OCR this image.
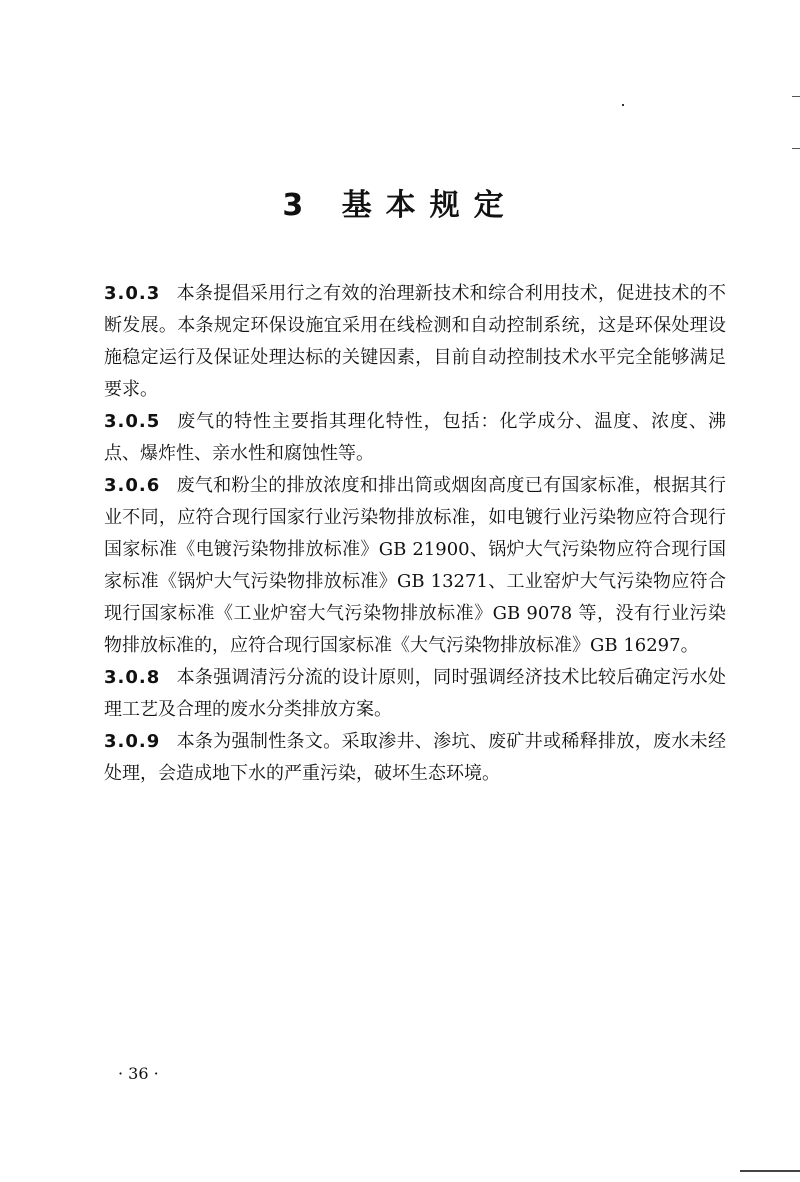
3 基本规定

3.0.3 本条提倡采用行之有效的治理新技术和综合利用技术，促进技术的不断发展。本条规定环保设施宜采用在线检测和自动控制系统，这是环保处理设施稳定运行及保证处理达标的关键因素，目前自动控制技术水平完全能够满足要求。

3.0.5 废气的特性主要指其理化特性，包括：化学成分、温度、浓度、沸点、爆炸性、亲水性和腐蚀性等。

3.0.6 废气和粉尘的排放浓度和排出筒或烟囱高度已有国家标准，根据其行业不同，应符合现行国家行业污染物排放标准，如电镀行业污染物应符合现行国家标准《电镀污染物排放标准》GB 21900、锅炉大气污染物应符合现行国家标准《锅炉大气污染物排放标准》GB 13271、工业窑炉大气污染物应符合现行国家标准《工业炉窑大气污染物排放标准》GB 9078 等，没有行业污染物排放标准的，应符合现行国家标准《大气污染物排放标准》GB 16297。

3.0.8 本条强调清污分流的设计原则，同时强调经济技术比较后确定污水处理工艺及合理的废水分类排放方案。

3.0.9 本条为强制性条文。采取渗井、渗坑、废矿井或稀释排放，废水未经处理，会造成地下水的严重污染，破坏生态环境。

· 36 ·
